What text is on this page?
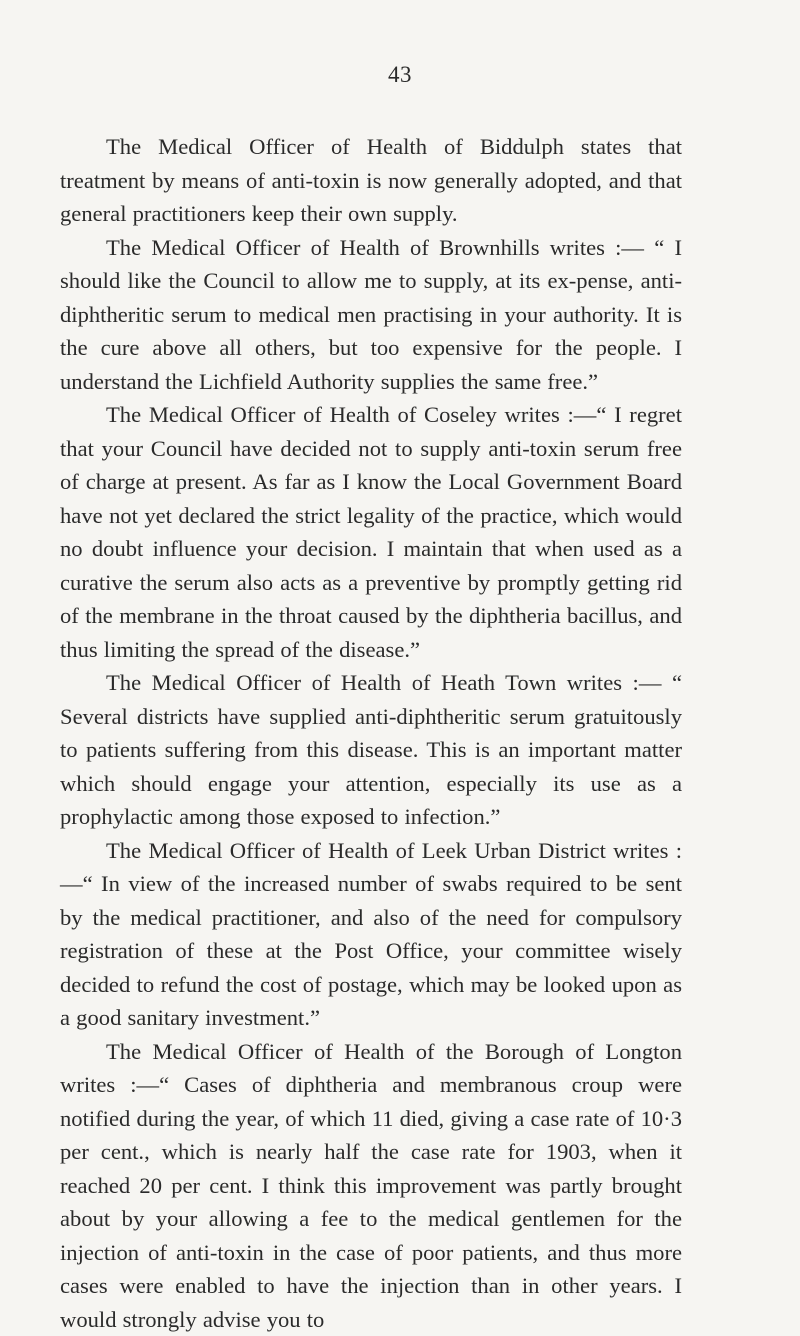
43

The Medical Officer of Health of Biddulph states that treatment by means of anti-toxin is now generally adopted, and that general practitioners keep their own supply.

The Medical Officer of Health of Brownhills writes :— “ I should like the Council to allow me to supply, at its ex-pense, anti-diphtheritic serum to medical men practising in your authority. It is the cure above all others, but too expensive for the people. I understand the Lichfield Authority supplies the same free.”

The Medical Officer of Health of Coseley writes :—“ I regret that your Council have decided not to supply anti-toxin serum free of charge at present. As far as I know the Local Government Board have not yet declared the strict legality of the practice, which would no doubt influence your decision. I maintain that when used as a curative the serum also acts as a preventive by promptly getting rid of the membrane in the throat caused by the diphtheria bacillus, and thus limiting the spread of the disease.”

The Medical Officer of Health of Heath Town writes :— “ Several districts have supplied anti-diphtheritic serum gratuitously to patients suffering from this disease. This is an important matter which should engage your attention, especially its use as a prophylactic among those exposed to infection.”

The Medical Officer of Health of Leek Urban District writes :—“ In view of the increased number of swabs required to be sent by the medical practitioner, and also of the need for compulsory registration of these at the Post Office, your committee wisely decided to refund the cost of postage, which may be looked upon as a good sanitary investment.”

The Medical Officer of Health of the Borough of Longton writes :—“ Cases of diphtheria and membranous croup were notified during the year, of which 11 died, giving a case rate of 10·3 per cent., which is nearly half the case rate for 1903, when it reached 20 per cent. I think this improvement was partly brought about by your allowing a fee to the medical gentlemen for the injection of anti-toxin in the case of poor patients, and thus more cases were enabled to have the injection than in other years. I would strongly advise you to
